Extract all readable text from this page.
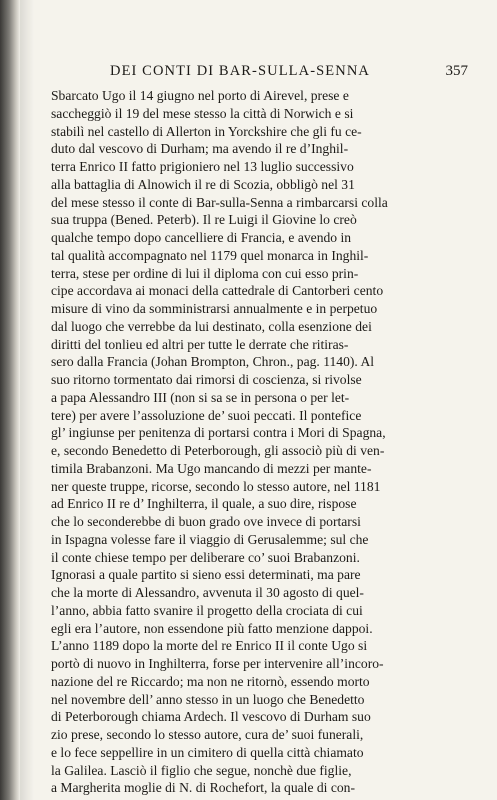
DEI CONTI DI BAR-SULLA-SENNA	357
Sbarcato Ugo il 14 giugno nel porto di Airevel, prese e
saccheggiò il 19 del mese stesso la città di Norwich e si
stabilì nel castello di Allerton in Yorckshire che gli fu ce-
duto dal vescovo di Durham; ma avendo il re d’Inghil-
terra Enrico II fatto prigioniero nel 13 luglio successivo
alla battaglia di Alnowich il re di Scozia, obbligò nel 31
del mese stesso il conte di Bar-sulla-Senna a rimbarcarsi colla
sua truppa (Bened. Peterb). Il re Luigi il Giovine lo creò
qualche tempo dopo cancelliere di Francia, e avendo in
tal qualità accompagnato nel 1179 quel monarca in Inghil-
terra, stese per ordine di lui il diploma con cui esso prin-
cipe accordava ai monaci della cattedrale di Cantorberi cento
misure di vino da somministrarsi annualmente e in perpetuo
dal luogo che verrebbe da lui destinato, colla esenzione dei
diritti del tonlieu ed altri per tutte le derrate che ritiras-
sero dalla Francia (Johan Brompton, Chron., pag. 1140). Al
suo ritorno tormentato dai rimorsi di coscienza, si rivolse
a papa Alessandro III (non si sa se in persona o per let-
tere) per avere l’assoluzione de’ suoi peccati. Il pontefice
gl’ ingiunse per penitenza di portarsi contra i Mori di Spagna,
e, secondo Benedetto di Peterborough, gli associò più di ven-
timila Brabanzoni. Ma Ugo mancando di mezzi per mante-
ner queste truppe, ricorse, secondo lo stesso autore, nel 1181
ad Enrico II re d’ Inghilterra, il quale, a suo dire, rispose
che lo seconderebbe di buon grado ove invece di portarsi
in Ispagna volesse fare il viaggio di Gerusalemme; sul che
il conte chiese tempo per deliberare co’ suoi Brabanzoni.
Ignorasi a quale partito si sieno essi determinati, ma pare
che la morte di Alessandro, avvenuta il 30 agosto di quel-
l’anno, abbia fatto svanire il progetto della crociata di cui
egli era l’autore, non essendone più fatto menzione dappoi.
L’anno 1189 dopo la morte del re Enrico II il conte Ugo si
portò di nuovo in Inghilterra, forse per intervenire all’incoro-
nazione del re Riccardo; ma non ne ritornò, essendo morto
nel novembre dell’ anno stesso in un luogo che Benedetto
di Peterborough chiama Ardech. Il vescovo di Durham suo
zio prese, secondo lo stesso autore, cura de’ suoi funerali,
e lo fece seppellire in un cimitero di quella città chiamato
la Galilea. Lasciò il figlio che segue, nonchè due figlie,
a Margherita moglie di N. di Rochefort, la quale di con-
